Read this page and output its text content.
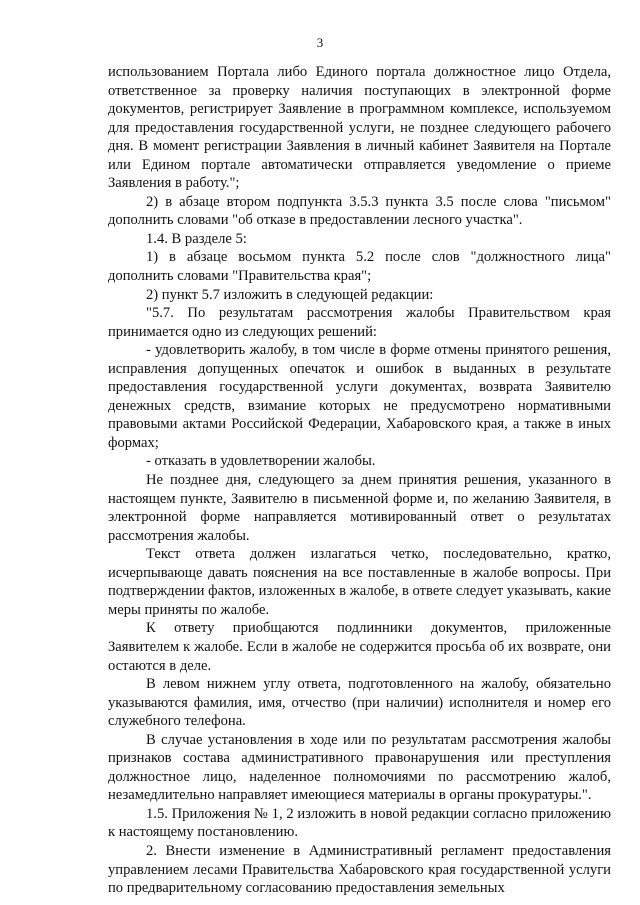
3

использованием Портала либо Единого портала должностное лицо Отдела, ответственное за проверку наличия поступающих в электронной форме документов, регистрирует Заявление в программном комплексе, используемом для предоставления государственной услуги, не позднее следующего рабочего дня. В момент регистрации Заявления в личный кабинет Заявителя на Портале или Едином портале автоматически отправляется уведомление о приеме Заявления в работу.";

2) в абзаце втором подпункта 3.5.3 пункта 3.5 после слова "письмом" дополнить словами "об отказе в предоставлении лесного участка".

1.4. В разделе 5:

1) в абзаце восьмом пункта 5.2 после слов "должностного лица" дополнить словами "Правительства края";

2) пункт 5.7 изложить в следующей редакции:

"5.7. По результатам рассмотрения жалобы Правительством края принимается одно из следующих решений:

- удовлетворить жалобу, в том числе в форме отмены принятого решения, исправления допущенных опечаток и ошибок в выданных в результате предоставления государственной услуги документах, возврата Заявителю денежных средств, взимание которых не предусмотрено нормативными правовыми актами Российской Федерации, Хабаровского края, а также в иных формах;

- отказать в удовлетворении жалобы.

Не позднее дня, следующего за днем принятия решения, указанного в настоящем пункте, Заявителю в письменной форме и, по желанию Заявителя, в электронной форме направляется мотивированный ответ о результатах рассмотрения жалобы.

Текст ответа должен излагаться четко, последовательно, кратко, исчерпывающе давать пояснения на все поставленные в жалобе вопросы. При подтверждении фактов, изложенных в жалобе, в ответе следует указывать, какие меры приняты по жалобе.

К ответу приобщаются подлинники документов, приложенные Заявителем к жалобе. Если в жалобе не содержится просьба об их возврате, они остаются в деле.

В левом нижнем углу ответа, подготовленного на жалобу, обязательно указываются фамилия, имя, отчество (при наличии) исполнителя и номер его служебного телефона.

В случае установления в ходе или по результатам рассмотрения жалобы признаков состава административного правонарушения или преступления должностное лицо, наделенное полномочиями по рассмотрению жалоб, незамедлительно направляет имеющиеся материалы в органы прокуратуры.".

1.5. Приложения № 1, 2 изложить в новой редакции согласно приложению к настоящему постановлению.

2. Внести изменение в Административный регламент предоставления управлением лесами Правительства Хабаровского края государственной услуги по предварительному согласованию предоставления земельных
